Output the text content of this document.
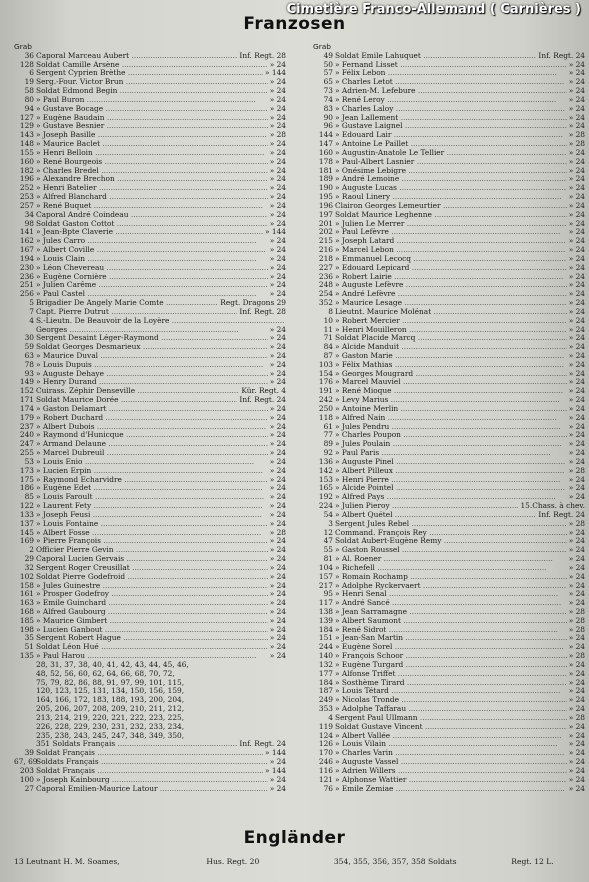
Cimetière Franco-Allemand ( Carnières )
Franzosen
Grab
36 Caporal Marceau Aubert .....	Inf. Regt. 28
128 Soldat Camille Arsène .....	» 24
6 Sergent Cyprien Brèthe .....	» 144
19 Serg.-Four. Victor Brun .....	» 24
58 Soldat Edmond Begin .....	» 24
80 » Paul Buron .....	» 24
94 » Gustave Bocage .....	» 24
127 » Eugène Baudain .....	» 24
129 » Gustave Besnier .....	» 24
143 » Joseph Basille .....	» 28
148 » Maurice Baclet .....	» 24
155 » Henri Belloin .....	» 24
160 » René Bourgeois .....	» 24
182 » Charles Bredel .....	» 24
196 » Alexandre Brechon .....	» 24
252 » Henri Batelier .....	» 24
253 » Alfred Blanchard .....	» 24
257 » René Buquet .....	» 24
34 Caporal André Coindeau .....	» 24
98 Soldat Gaston Cottot .....	» 24
141 » Jean-Bpte Claverie .....	» 144
162 » Jules Carro .....	» 24
167 » Albert Coville .....	» 24
194 » Louis Clain .....	» 24
230 » Léon Chevereau .....	» 24
236 » Eugène Cornière .....	» 24
251 » Julien Carême .....	» 24
256 » Paul Castel .....	» 24
5 Brigadier De Angely Marie Comte .....	Regt. Dragons 29
7 Capt. Pierre Dutrut .....	Inf. Regt. 28
4 S.-Lieutn. De Beauvoir de la Loyère .....
Georges .....	» 24
30 Sergent Desaint Léger-Raymond .....	» 24
59 Soldat Georges Desmarieux .....	» 24
63 » Maurice Duval .....	» 24
78 » Louis Dupuis .....	» 24
93 » Auguste Dehaye .....	» 24
149 » Henry Durand .....	» 24
152 Cuirass. Zéphir Denseville .....	Kür. Regt. 4
171 Soldat Maurice Dorée .....	Inf. Regt. 24
174 » Gaston Delamart .....	» 24
179 » Robert Duchard .....	» 24
237 » Albert Dubois .....	» 24
240 » Raymond d'Hunicque .....	» 24
247 » Armand Delaune .....	» 24
255 » Marcel Dubreuil .....	» 24
53 » Louis Enio .....	» 24
173 » Lucien Erpin .....	» 24
175 » Raymond Echarvidre .....	» 24
186 » Eugène Edet .....	» 24
85 » Louis Faroult .....	» 24
122 » Laurent Fety .....	» 24
133 » Joseph Feusi .....	» 24
137 » Louis Fontaine .....	» 24
145 » Albert Fosse .....	» 28
169 » Pierre François .....	» 24
2 Officier Pierre Gevin .....	» 24
29 Caporal Lucien Gervais .....	» 24
32 Sergent Roger Creusillat .....	» 24
102 Soldat Pierre Godefroid .....	» 24
158 » Jules Guinestre .....	» 24
161 » Prosper Godefroy .....	» 24
163 » Emile Guinchard .....	» 24
168 » Alfred Gaubourg .....	» 24
185 » Maurice Gimbert .....	» 24
198 » Lucien Ganbout .....	» 24
35 Sergent Robert Hague .....	» 24
51 Soldat Léon Hué .....	» 24
135 » Paul Harou .....	» 24
28, 31, 37, 38, 40, 41, 42, 43, 44, 45, 46,
48, 52, 56, 60, 62, 64, 66, 68, 70, 72,
75, 79, 82, 86, 88, 91, 97, 99, 101, 115,
120, 123, 125, 131, 134, 150, 156, 159,
164, 166, 172, 183, 188, 193, 200, 204,
205, 206, 207, 208, 209, 210, 211, 212,
213, 214, 219, 220, 221, 222, 223, 225,
226, 228, 229, 230, 231, 232, 233, 234,
235, 238, 243, 245, 247, 348, 349, 350,
351 Soldats Français .....	Inf. Regt. 24
39 Soldat Français .....	» 144
67, 69
Soldats Français .....	» 24
203 Soldat Français .....	» 144
100 » Joseph Kainbourg .....	» 24
27 Caporal Emilien-Maurice Latour .....	» 24
Grab
49 Soldat Emile Lahuquet .....	Inf. Regt. 24
50 » Fernand Lisset .....	» 24
57 » Félix Lebon .....	» 24
65 » Charles Letot .....	» 24
73 » Adrien-M. Lefebure .....	» 24
74 » René Leroy .....	» 24
83 » Charles Laloy .....	» 24
90 » Jean Lallement .....	» 24
96 » Gustave Laignel .....	» 24
144 » Edouard Lair .....	» 28
147 » Antoine Le Paillet .....	» 28
160 » Augustin-Anatole Le Tellier .....	» 24
178 » Paul-Albert Lasnier .....	» 24
181 » Onésime Lebigre .....	» 24
189 » André Lemoine .....	» 24
190 » Auguste Lucas .....	» 24
195 » Raoul Linery .....	» 24
196 Clairon Georges Lemeurtier .....	» 24
197 Soldat Maurice Leghenne .....	» 24
201 » Julien Le Merrer .....	» 24
202 » Paul Lefèvre .....	» 24
215 » Joseph Latard .....	» 24
216 » Marcel Lebon .....	» 24
218 » Emmanuel Lecocq .....	» 24
227 » Edouard Lepicard .....	» 24
236 » Robert Lairie .....	» 24
248 » Auguste Lefèvre .....	» 24
254 » André Lefèvre .....	» 24
352 » Maurice Lesage .....	» 24
8 Lieutnt. Maurice Molénat .....	» 24
10 » Robert Mercier .....	» 24
11 » Henri Mouilleron .....	» 24
71 Soldat Placide Marcq .....	» 24
84 » Alcide Manduit .....	» 24
87 » Gaston Marie .....	» 24
103 » Félix Mathias .....	» 24
154 » Georges Mougrard .....	» 24
176 » Marcel Mauviel .....	» 24
191 » René Mioque .....	» 24
242 » Levy Marius .....	» 24
250 » Antoine Merlin .....	» 24
118 » Alfred Nain .....	» 24
61 » Jules Pendru .....	» 24
77 » Charles Poupon .....	» 24
89 » Jules Poulain .....	» 24
92 » Paul Paris .....	» 24
136 » Auguste Pinel .....	» 24
142 » Albert Pilleux .....	» 28
153 » Henri Pierre .....	» 24
165 » Alcide Pointel .....	» 24
192 » Alfred Pays .....	» 24
224 » Julien Pieroy .....	15.Chass. à chev.
54 » Albert Quétel .....	Inf. Regt. 24
3 Sergent Jules Rebel .....	» 28
12 Command. François Rey .....	» 24
47 Soldat Aubert-Eugène Remy .....	» 24
55 » Gaston Roussel .....	» 24
81 » Al. Roener .....	» 24
104 » Richefell .....	» 24
157 » Romain Rochamp .....	» 24
217 » Adolphe Ryckervaert .....	» 24
95 » Henri Senal .....	» 24
117 » André Sancé .....	» 24
138 » Jean Sarramagne .....	» 28
139 » Albert Saumont .....	» 28
184 » René Sidrot .....	» 28
151 » Jean-San Martin .....	» 24
244 » Eugène Sorel .....	» 24
140 » François Schoor .....	» 28
132 » Eugène Turgard .....	» 24
177 » Alfonse Triffet .....	» 24
184 » Sosthème Tirard .....	» 24
187 » Louis Tétard .....	» 24
249 » Nicolas Tronde .....	» 24
353 » Adolphe Taffarau .....	» 24
4 Sergent Paul Ullmann .....	» 28
119 Soldat Gustave Vincent .....	» 24
124 » Albert Vallée .....	» 24
126 » Louis Vilain .....	» 24
170 » Charles Varin .....	» 24
246 » Auguste Vassel .....	» 24
116 » Adrien Willers .....	» 24
121 » Alphonse Wattier .....	» 24
76 » Emile Zemiae .....	» 24
Engländer
13 Leutnant H. M. Soames,	Hus. Regt. 20	354, 355, 356, 357, 358 Soldats	Regt. 12 L.
